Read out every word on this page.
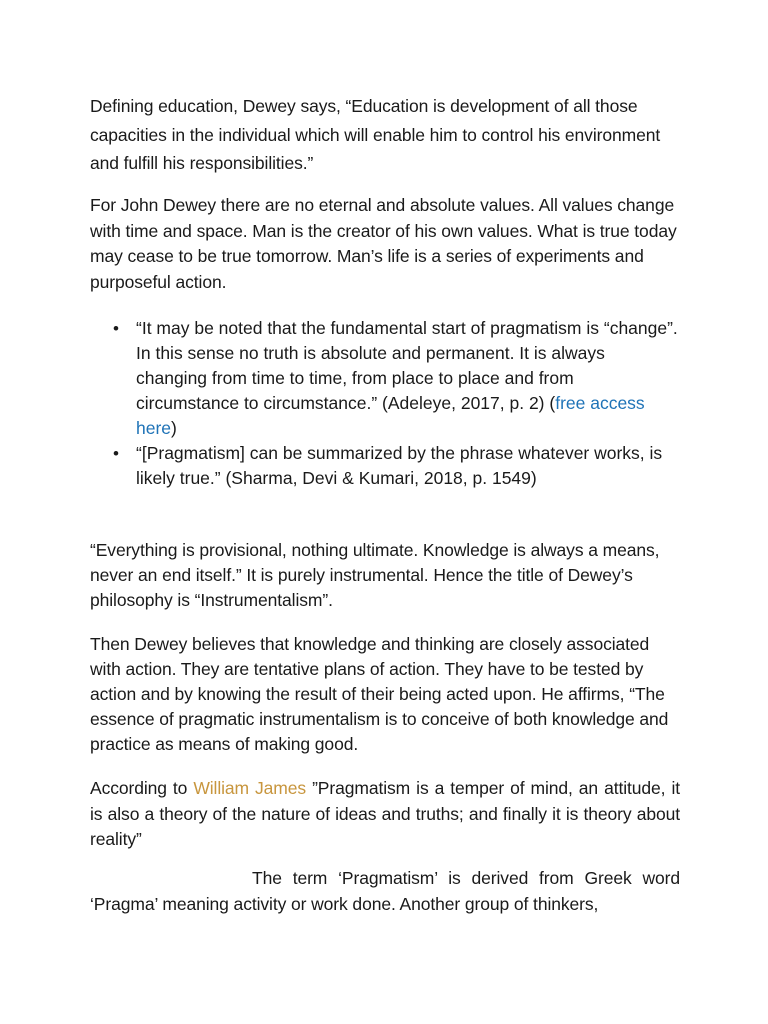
Defining education, Dewey says, “Education is development of all those capacities in the individual which will enable him to control his environment and fulfill his responsibilities.”

For John Dewey there are no eternal and absolute values. All values change with time and space. Man is the creator of his own values. What is true today may cease to be true tomorrow. Man’s life is a series of experiments and purposeful action.

• “It may be noted that the fundamental start of pragmatism is “change”. In this sense no truth is absolute and permanent. It is always changing from time to time, from place to place and from circumstance to circumstance.” (Adeleye, 2017, p. 2) (free access here)
• “[Pragmatism] can be summarized by the phrase whatever works, is likely true.” (Sharma, Devi & Kumari, 2018, p. 1549)

“Everything is provisional, nothing ultimate. Knowledge is always a means, never an end itself.” It is purely instrumental. Hence the title of Dewey’s philosophy is “Instrumentalism”.

Then Dewey believes that knowledge and thinking are closely associated with action. They are tentative plans of action. They have to be tested by action and by knowing the result of their being acted upon. He affirms, “The essence of pragmatic instrumentalism is to conceive of both knowledge and practice as means of making good.

According to William James ”Pragmatism is a temper of mind, an attitude, it is also a theory of the nature of ideas and truths; and finally it is theory about reality”

The term ‘Pragmatism’ is derived from Greek word ‘Pragma’ meaning activity or work done. Another group of thinkers,
